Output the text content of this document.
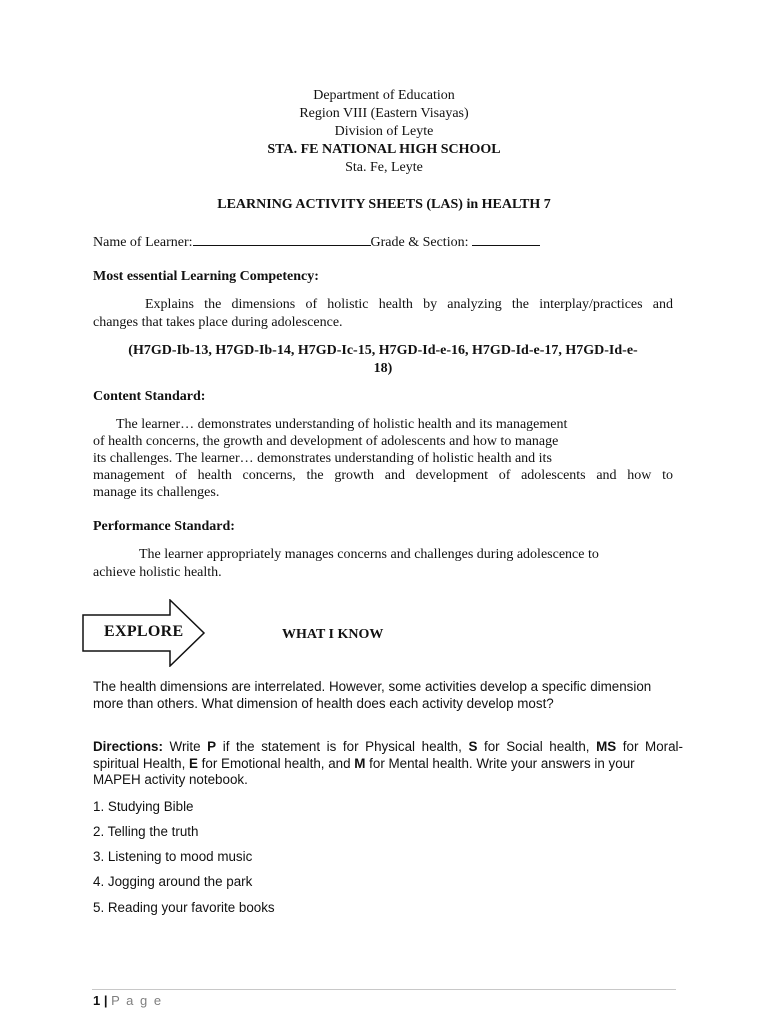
Department of Education
Region VIII (Eastern Visayas)
Division of Leyte
STA. FE NATIONAL HIGH SCHOOL
Sta. Fe, Leyte
LEARNING ACTIVITY SHEETS (LAS) in HEALTH 7
Name of Learner:	Grade & Section:
Most essential Learning Competency:
Explains the dimensions of holistic health by analyzing the interplay/practices and
changes that takes place during adolescence.
(H7GD-Ib-13, H7GD-Ib-14, H7GD-Ic-15, H7GD-Id-e-16, H7GD-Id-e-17, H7GD-Id-e-
18)
Content Standard:
The learner… demonstrates understanding of holistic health and its management
of health concerns, the growth and development of adolescents and how to manage
its challenges. The learner… demonstrates understanding of holistic health and its
management of health concerns, the growth and development of adolescents and how to
manage its challenges.
Performance Standard:
The learner appropriately manages concerns and challenges during adolescence to
achieve holistic health.
EXPLORE	WHAT I KNOW
The health dimensions are interrelated. However, some activities develop a specific dimension
more than others. What dimension of health does each activity develop most?
Directions: Write P if the statement is for Physical health, S for Social health, MS for Moral-
spiritual Health, E for Emotional health, and M for Mental health. Write your answers in your
MAPEH activity notebook.
1. Studying Bible
2. Telling the truth
3. Listening to mood music
4. Jogging around the park
5. Reading your favorite books
1 | P a g e
